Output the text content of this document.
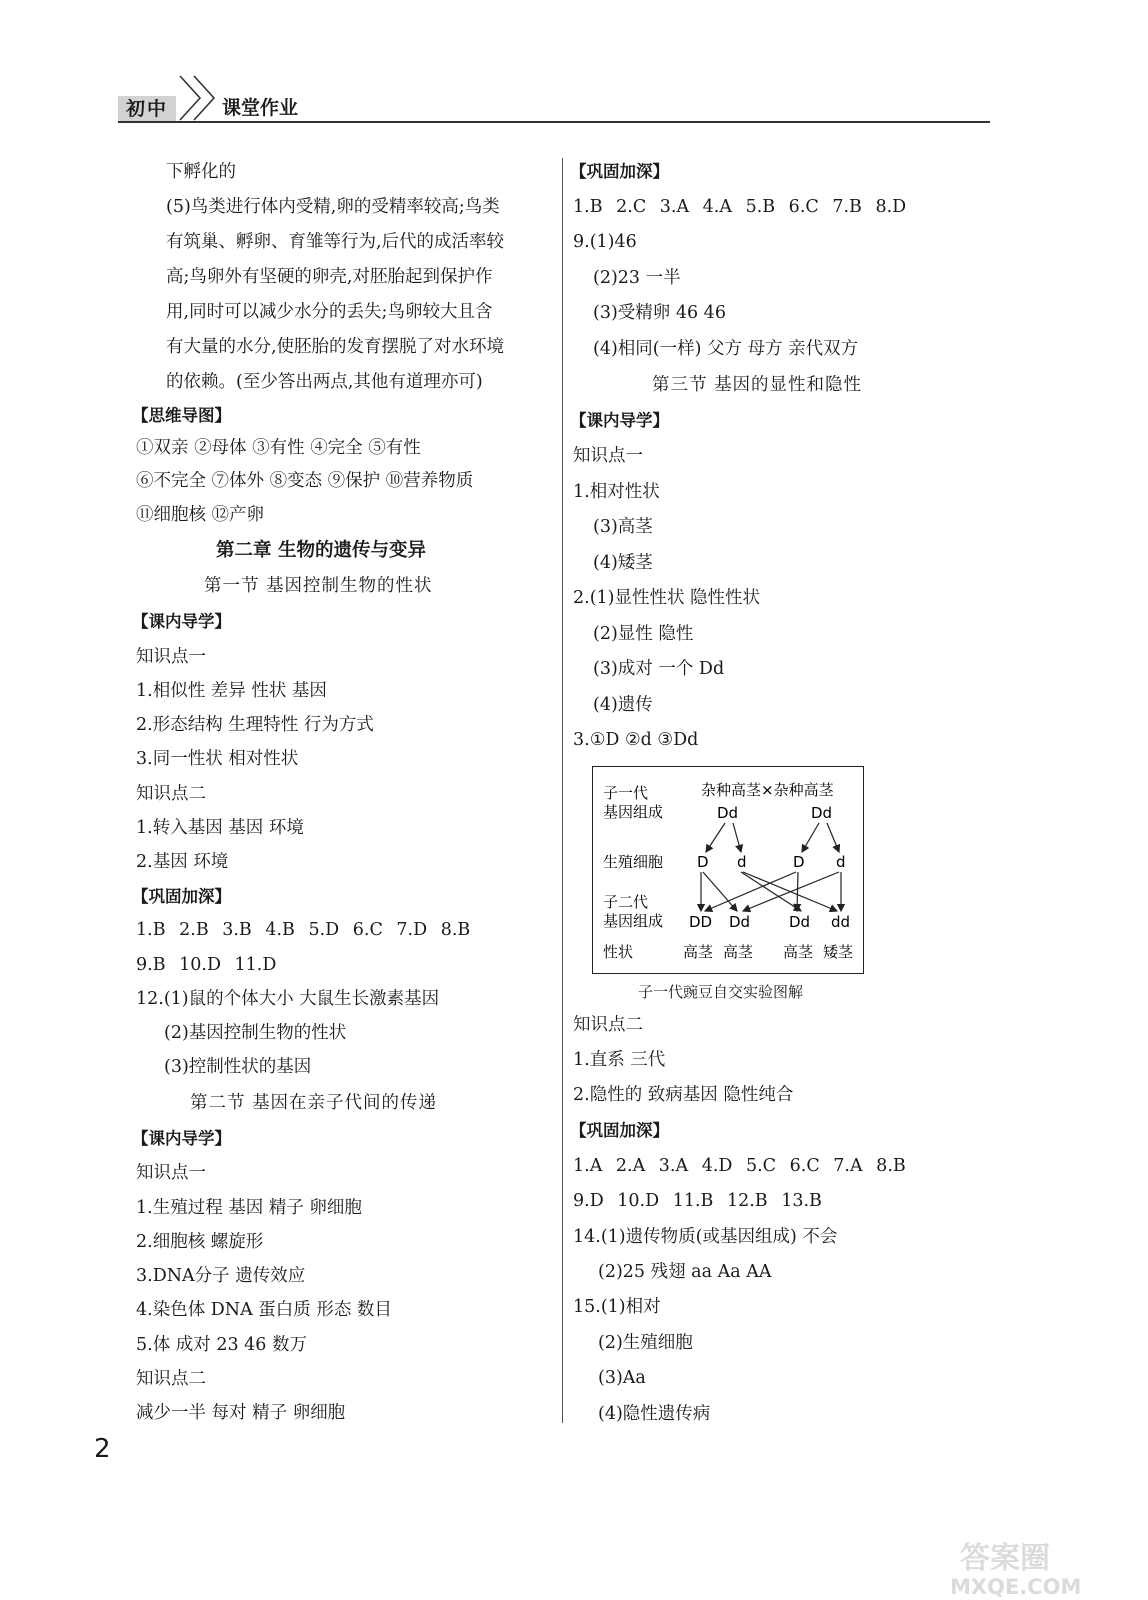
初中	课堂作业
下孵化的
(5)鸟类进行体内受精,卵的受精率较高;鸟类
有筑巢、孵卵、育雏等行为,后代的成活率较
高;鸟卵外有坚硬的卵壳,对胚胎起到保护作
用,同时可以减少水分的丢失;鸟卵较大且含
有大量的水分,使胚胎的发育摆脱了对水环境
的依赖。(至少答出两点,其他有道理亦可)
【思维导图】
①双亲 ②母体 ③有性 ④完全 ⑤有性
⑥不完全 ⑦体外 ⑧变态 ⑨保护 ⑩营养物质
⑪细胞核 ⑫产卵
第二章 生物的遗传与变异
第一节 基因控制生物的性状
【课内导学】
知识点一
1.相似性 差异 性状 基因
2.形态结构 生理特性 行为方式
3.同一性状 相对性状
知识点二
1.转入基因 基因 环境
2.基因 环境
【巩固加深】
1.B 2.B 3.B 4.B 5.D 6.C 7.D 8.B
9.B 10.D 11.D
12.(1)鼠的个体大小 大鼠生长激素基因
(2)基因控制生物的性状
(3)控制性状的基因
第二节 基因在亲子代间的传递
【课内导学】
知识点一
1.生殖过程 基因 精子 卵细胞
2.细胞核 螺旋形
3.DNA分子 遗传效应
4.染色体 DNA 蛋白质 形态 数目
5.体 成对 23 46 数万
知识点二
减少一半 每对 精子 卵细胞
【巩固加深】
1.B 2.C 3.A 4.A 5.B 6.C 7.B 8.D
9.(1)46
(2)23 一半
(3)受精卵 46 46
(4)相同(一样) 父方 母方 亲代双方
第三节 基因的显性和隐性
【课内导学】
知识点一
1.相对性状
(3)高茎
(4)矮茎
2.(1)显性性状 隐性性状
(2)显性 隐性
(3)成对 一个 Dd
(4)遗传
3.①D ②d ③Dd
子一代
基因组成
生殖细胞
子二代
基因组成
性状
杂种高茎×杂种高茎
Dd	Dd
D d	D d
DD Dd	Dd dd
高茎 高茎 高茎 矮茎
子一代豌豆自交实验图解
知识点二
1.直系 三代
2.隐性的 致病基因 隐性纯合
【巩固加深】
1.A 2.A 3.A 4.D 5.C 6.C 7.A 8.B
9.D 10.D 11.B 12.B 13.B
14.(1)遗传物质(或基因组成) 不会
(2)25 残翅 aa Aa AA
15.(1)相对
(2)生殖细胞
(3)Aa
(4)隐性遗传病
2
答案圈
MXQE.COM
